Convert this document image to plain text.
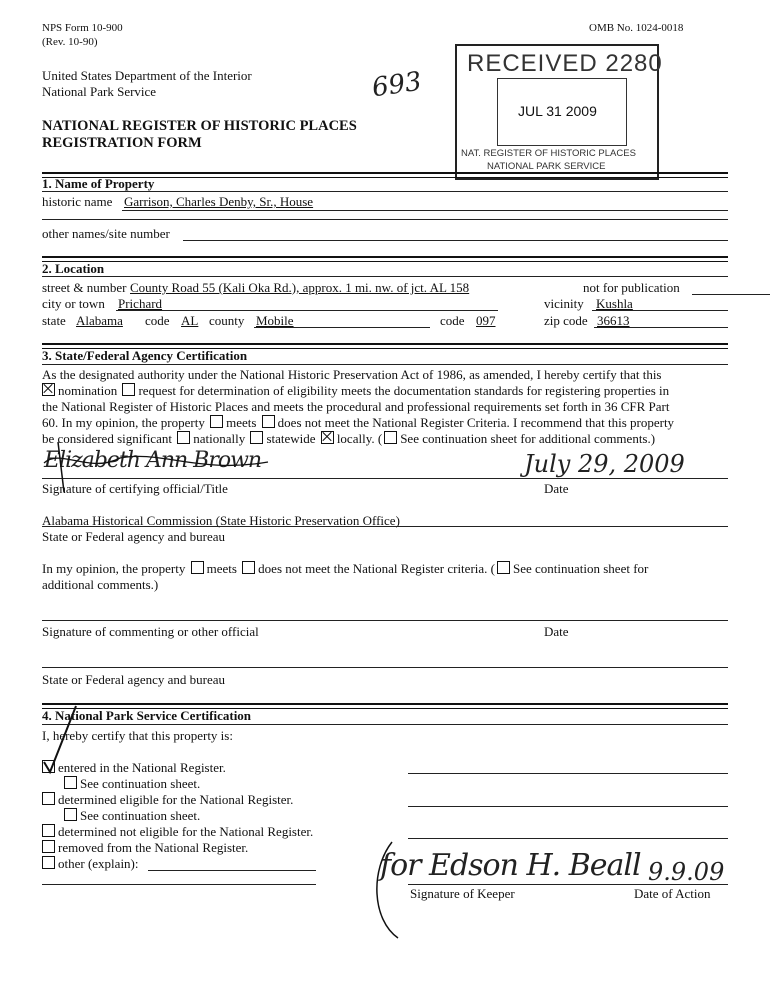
NPS Form 10-900
(Rev. 10-90)
OMB No. 1024-0018
United States Department of the Interior
National Park Service
NATIONAL REGISTER OF HISTORIC PLACES
REGISTRATION FORM
693
RECEIVED 2280
JUL 31 2009
NAT. REGISTER OF HISTORIC PLACES
NATIONAL PARK SERVICE
1. Name of Property
historic name Garrison, Charles Denby, Sr., House
other names/site number
2. Location
street & number County Road 55 (Kali Oka Rd.), approx. 1 mi. nw. of jct. AL 158	not for publication
city or town Prichard	vicinity Kushla
state Alabama code AL county Mobile	code 097	zip code 36613
3. State/Federal Agency Certification
As the designated authority under the National Historic Preservation Act of 1986, as amended, I hereby certify that this
nomination request for determination of eligibility meets the documentation standards for registering properties in
the National Register of Historic Places and meets the procedural and professional requirements set forth in 36 CFR Part
60. In my opinion, the property meets does not meet the National Register Criteria. I recommend that this property
be considered significant nationally statewide locally. ( See continuation sheet for additional comments.)
Elizabeth Ann Brown	July 29, 2009
Signature of certifying official/Title	Date
Alabama Historical Commission (State Historic Preservation Office)
State or Federal agency and bureau
In my opinion, the property meets does not meet the National Register criteria. ( See continuation sheet for
additional comments.)
Signature of commenting or other official	Date
State or Federal agency and bureau
4. National Park Service Certification
I, hereby certify that this property is:
entered in the National Register.
See continuation sheet.
determined eligible for the National Register.
See continuation sheet.
determined not eligible for the National Register.
removed from the National Register.
other (explain):	for Edson H. Beall 9.9.09
Signature of Keeper	Date of Action
